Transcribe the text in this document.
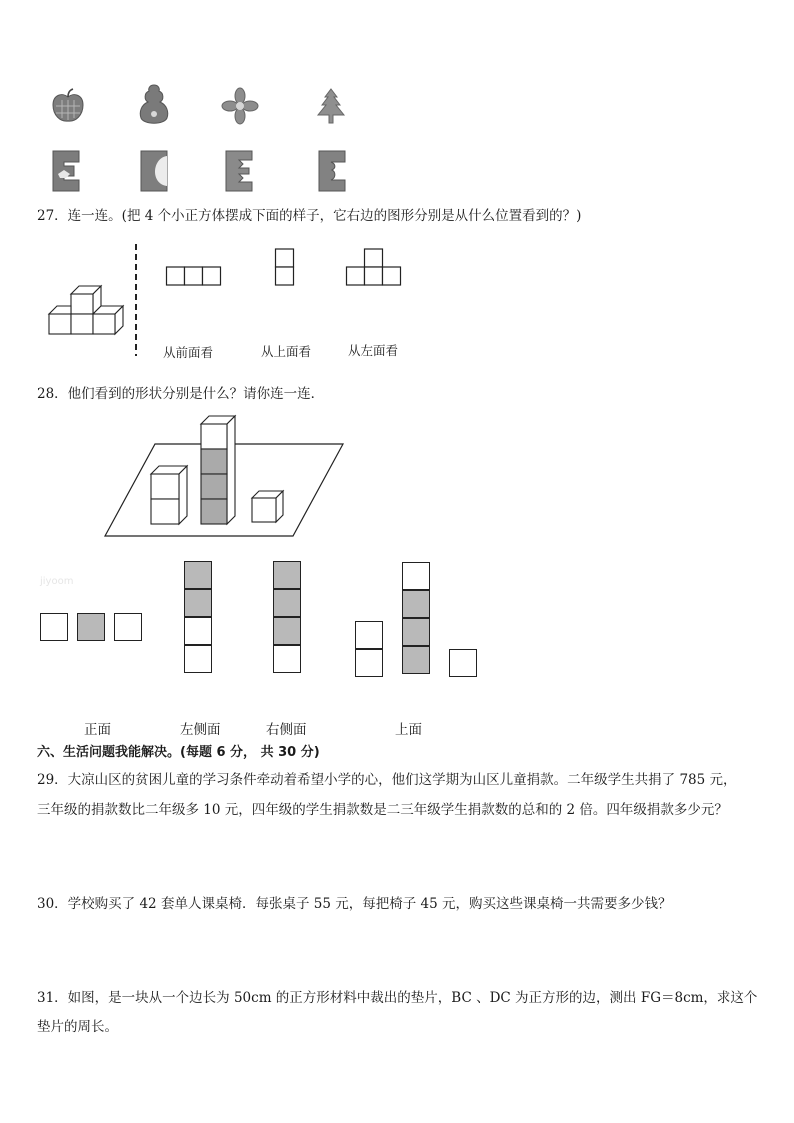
27．连一连。(把 4 个小正方体摆成下面的样子，它右边的图形分别是从什么位置看到的？)
从前面看	从上面看	从左面看
28．他们看到的形状分别是什么？请你连一连．
jiyoom
正面	左侧面	右侧面	上面
六、生活问题我能解决。(每题 6 分， 共 30 分)
29．大凉山区的贫困儿童的学习条件牵动着希望小学的心，他们这学期为山区儿童捐款。二年级学生共捐了 785 元，
三年级的捐款数比二年级多 10 元，四年级的学生捐款数是二三年级学生捐款数的总和的 2 倍。四年级捐款多少元？
30．学校购买了 42 套单人课桌椅．每张桌子 55 元，每把椅子 45 元，购买这些课桌椅一共需要多少钱？
31．如图，是一块从一个边长为 50cm 的正方形材料中裁出的垫片，BC 、DC 为正方形的边，测出 FG＝8cm，求这个
垫片的周长。
